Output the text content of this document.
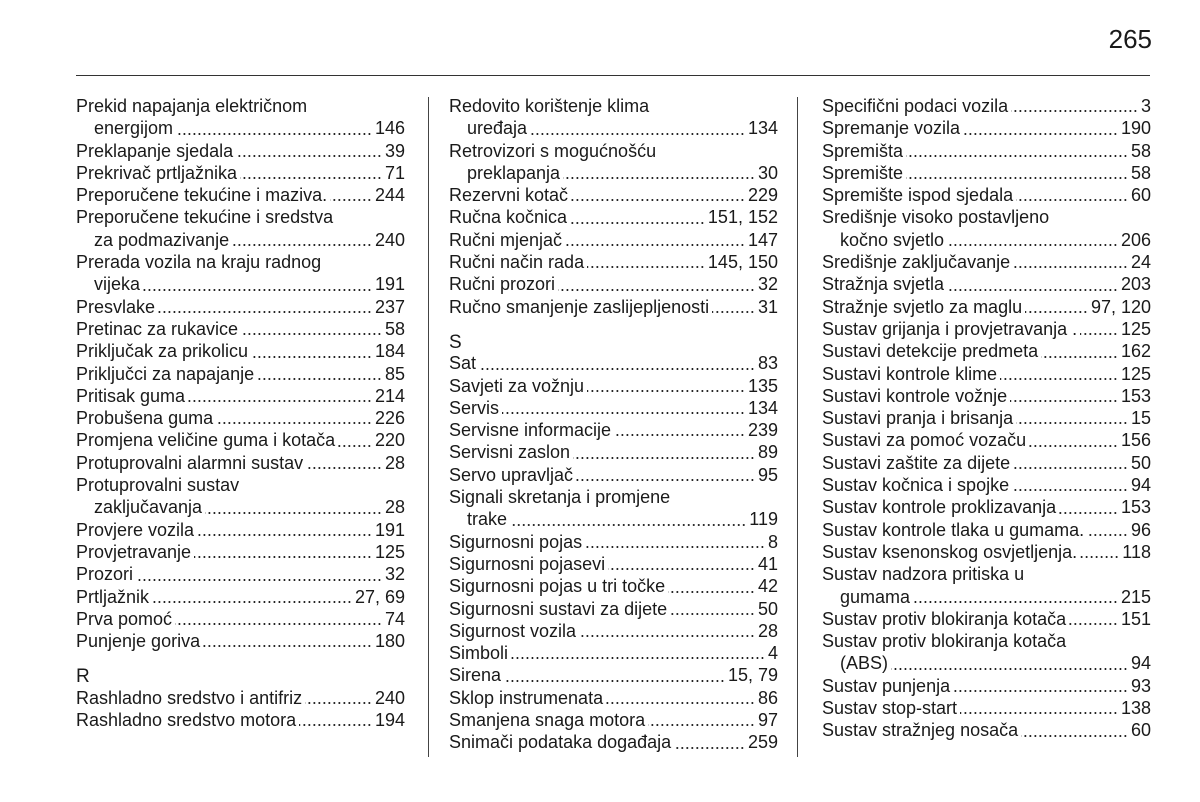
265
Prekid napajanja električnom
energijom	146
Preklapanje sjedala	39
Prekrivač prtljažnika	71
Preporučene tekućine i maziva.	244
Preporučene tekućine i sredstva
za podmazivanje	240
Prerada vozila na kraju radnog
vijeka	191
Presvlake	237
Pretinac za rukavice	58
Priključak za prikolicu	184
Priključci za napajanje	85
Pritisak guma	214
Probušena guma	226
Promjena veličine guma i kotača 220
Protuprovalni alarmni sustav	28
Protuprovalni sustav
zaključavanja	28
Provjere vozila	191
Provjetravanje	125
Prozori	32
Prtljažnik	27, 69
Prva pomoć	74
Punjenje goriva	180
R
Rashladno sredstvo i antifriz	240
Rashladno sredstvo motora	194
Redovito korištenje klima
uređaja	134
Retrovizori s mogućnošću
preklapanja	30
Rezervni kotač	229
Ručna kočnica	151, 152
Ručni mjenjač	147
Ručni način rada	145, 150
Ručni prozori	32
Ručno smanjenje zaslijepljenosti	31
S
Sat	83
Savjeti za vožnju	135
Servis	134
Servisne informacije	239
Servisni zaslon	89
Servo upravljač	95
Signali skretanja i promjene
trake	119
Sigurnosni pojas	8
Sigurnosni pojasevi	41
Sigurnosni pojas u tri točke	42
Sigurnosni sustavi za dijete	50
Sigurnost vozila	28
Simboli	4
Sirena	15, 79
Sklop instrumenata	86
Smanjena snaga motora	97
Snimači podataka događaja	259
Specifični podaci vozila	3
Spremanje vozila	190
Spremišta	58
Spremište	58
Spremište ispod sjedala	60
Središnje visoko postavljeno
kočno svjetlo	206
Središnje zaključavanje	24
Stražnja svjetla	203
Stražnje svjetlo za maglu	97, 120
Sustav grijanja i provjetravanja . 125
Sustavi detekcije predmeta	162
Sustavi kontrole klime	125
Sustavi kontrole vožnje	153
Sustavi pranja i brisanja	15
Sustavi za pomoć vozaču	156
Sustavi zaštite za dijete	50
Sustav kočnica i spojke	94
Sustav kontrole proklizavanja	153
Sustav kontrole tlaka u gumama.	96
Sustav ksenonskog osvjetljenja.	118
Sustav nadzora pritiska u
gumama	215
Sustav protiv blokiranja kotača	151
Sustav protiv blokiranja kotača
(ABS)	94
Sustav punjenja	93
Sustav stop-start	138
Sustav stražnjeg nosača	60
